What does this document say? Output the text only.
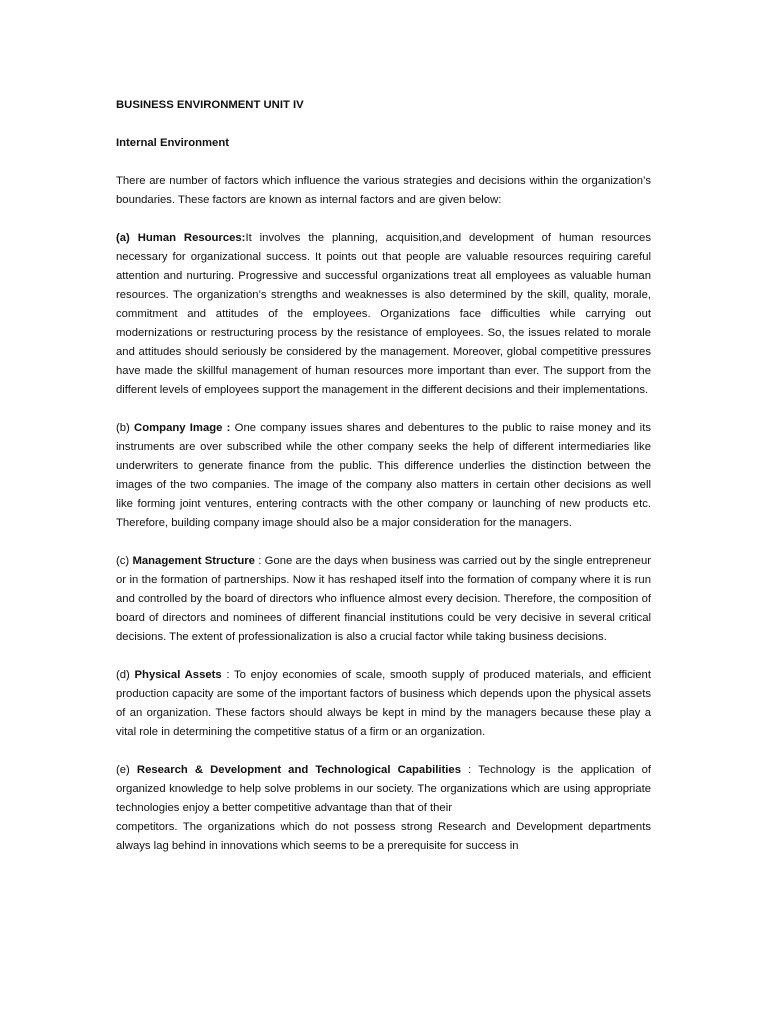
BUSINESS ENVIRONMENT UNIT IV

Internal Environment

There are number of factors which influence the various strategies and decisions within the organization’s boundaries. These factors are known as internal factors and are given below:

(a) Human Resources:It involves the planning, acquisition,and development of human resources necessary for organizational success. It points out that people are valuable resources requiring careful attention and nurturing. Progressive and successful organizations treat all employees as valuable human resources. The organization’s strengths and weaknesses is also determined by the skill, quality, morale, commitment and attitudes of the employees. Organizations face difficulties while carrying out modernizations or restructuring process by the resistance of employees. So, the issues related to morale and attitudes should seriously be considered by the management. Moreover, global competitive pressures have made the skillful management of human resources more important than ever. The support from the different levels of employees support the management in the different decisions and their implementations.

(b) Company Image : One company issues shares and debentures to the public to raise money and its instruments are over subscribed while the other company seeks the help of different intermediaries like underwriters to generate finance from the public. This difference underlies the distinction between the images of the two companies. The image of the company also matters in certain other decisions as well like forming joint ventures, entering contracts with the other company or launching of new products etc. Therefore, building company image should also be a major consideration for the managers.

(c) Management Structure : Gone are the days when business was carried out by the single entrepreneur or in the formation of partnerships. Now it has reshaped itself into the formation of company where it is run and controlled by the board of directors who influence almost every decision. Therefore, the composition of board of directors and nominees of different financial institutions could be very decisive in several critical decisions. The extent of professionalization is also a crucial factor while taking business decisions.

(d) Physical Assets : To enjoy economies of scale, smooth supply of produced materials, and efficient production capacity are some of the important factors of business which depends upon the physical assets of an organization. These factors should always be kept in mind by the managers because these play a vital role in determining the competitive status of a firm or an organization.

(e) Research & Development and Technological Capabilities : Technology is the application of organized knowledge to help solve problems in our society. The organizations which are using appropriate technologies enjoy a better competitive advantage than that of their

competitors. The organizations which do not possess strong Research and Development departments always lag behind in innovations which seems to be a prerequisite for success in
